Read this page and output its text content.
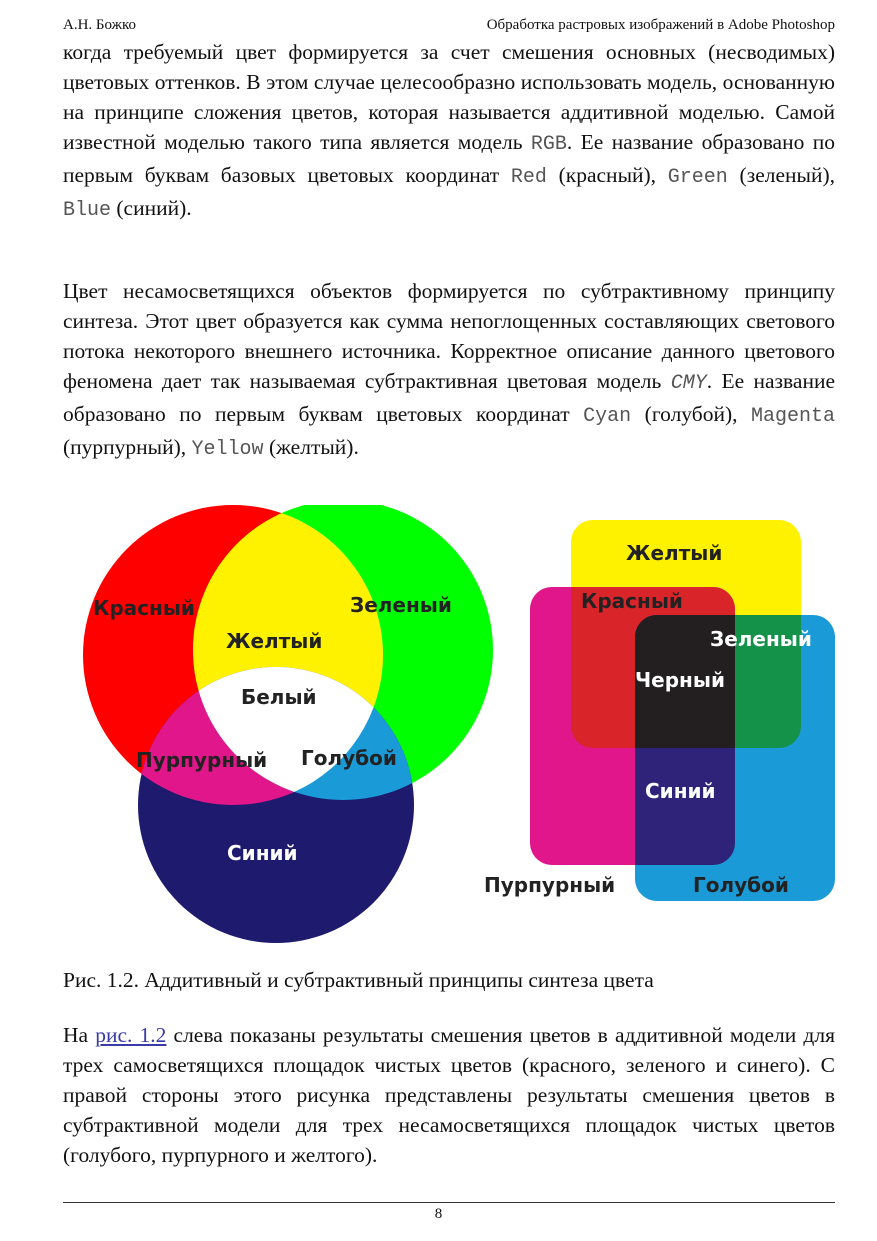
А.Н. Божко	Обработка растровых изображений в Adobe Photoshop
когда требуемый цвет формируется за счет смешения основных (несводимых) цветовых оттенков. В этом случае целесообразно использовать модель, основанную на принципе сложения цветов, которая называется аддитивной моделью. Самой известной моделью такого типа является модель RGB. Ее название образовано по первым буквам базовых цветовых координат Red (красный), Green (зеленый), Blue (синий).
Цвет несамосветящихся объектов формируется по субтрактивному принципу синтеза. Этот цвет образуется как сумма непоглощенных составляющих светового потока некоторого внешнего источника. Корректное описание данного цветового феномена дает так называемая субтрактивная цветовая модель CMY. Ее название образовано по первым буквам цветовых координат Cyan (голубой), Magenta (пурпурный), Yellow (желтый).
Красный	Зеленый
Желтый
Белый
Пурпурный Голубой
Синий
Желтый
Красный
Зеленый
Черный
Синий
Пурпурный	Голубой
Рис. 1.2. Аддитивный и субтрактивный принципы синтеза цвета
На рис. 1.2 слева показаны результаты смешения цветов в аддитивной модели для трех самосветящихся площадок чистых цветов (красного, зеленого и синего). С правой стороны этого рисунка представлены результаты смешения цветов в субтрактивной модели для трех несамосветящихся площадок чистых цветов (голубого, пурпурного и желтого).
8
